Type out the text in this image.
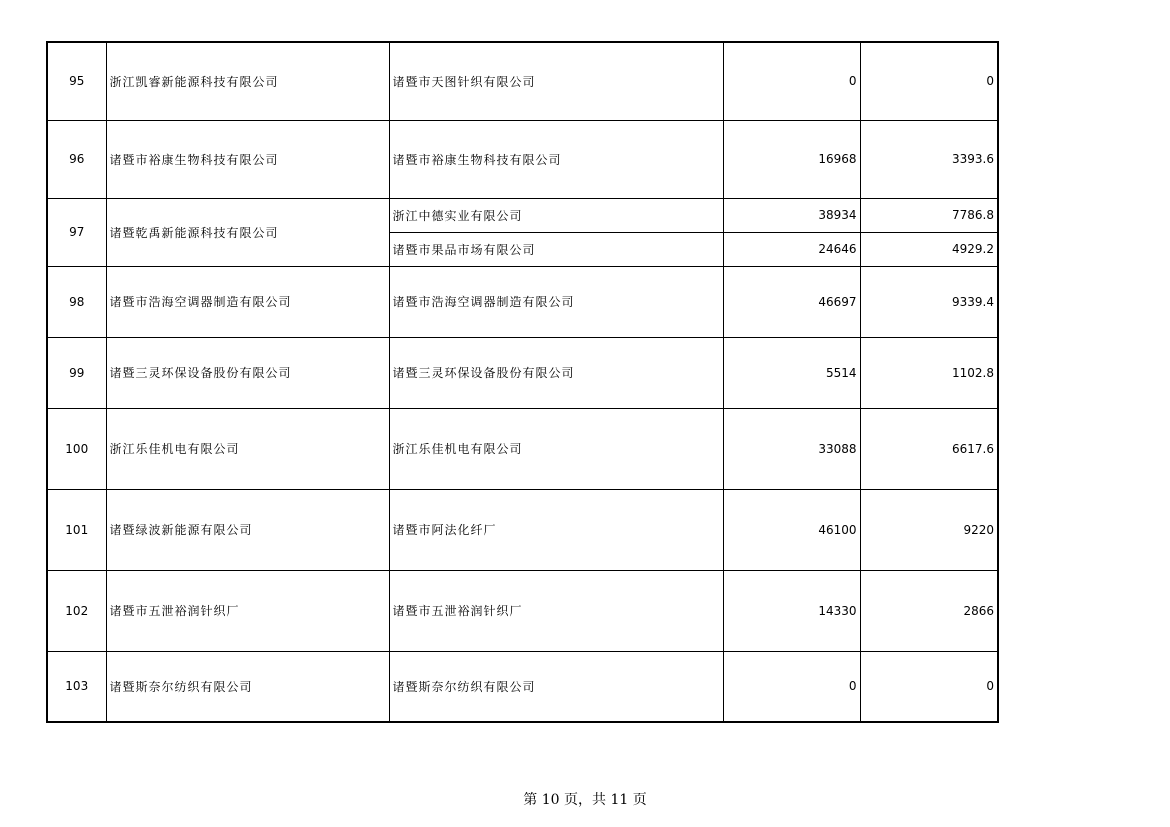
95	浙江凯睿新能源科技有限公司	诸暨市天图针织有限公司	0	0
96	诸暨市裕康生物科技有限公司	诸暨市裕康生物科技有限公司	16968	3393.6
97	诸暨乾禹新能源科技有限公司	浙江中德实业有限公司	38934	7786.8
		诸暨市果品市场有限公司	24646	4929.2
98	诸暨市浩海空调器制造有限公司	诸暨市浩海空调器制造有限公司	46697	9339.4
99	诸暨三灵环保设备股份有限公司	诸暨三灵环保设备股份有限公司	5514	1102.8
100	浙江乐佳机电有限公司	浙江乐佳机电有限公司	33088	6617.6
101	诸暨绿波新能源有限公司	诸暨市阿法化纤厂	46100	9220
102	诸暨市五泄裕润针织厂	诸暨市五泄裕润针织厂	14330	2866
103	诸暨斯奈尔纺织有限公司	诸暨斯奈尔纺织有限公司	0	0
第 10 页，共 11 页
